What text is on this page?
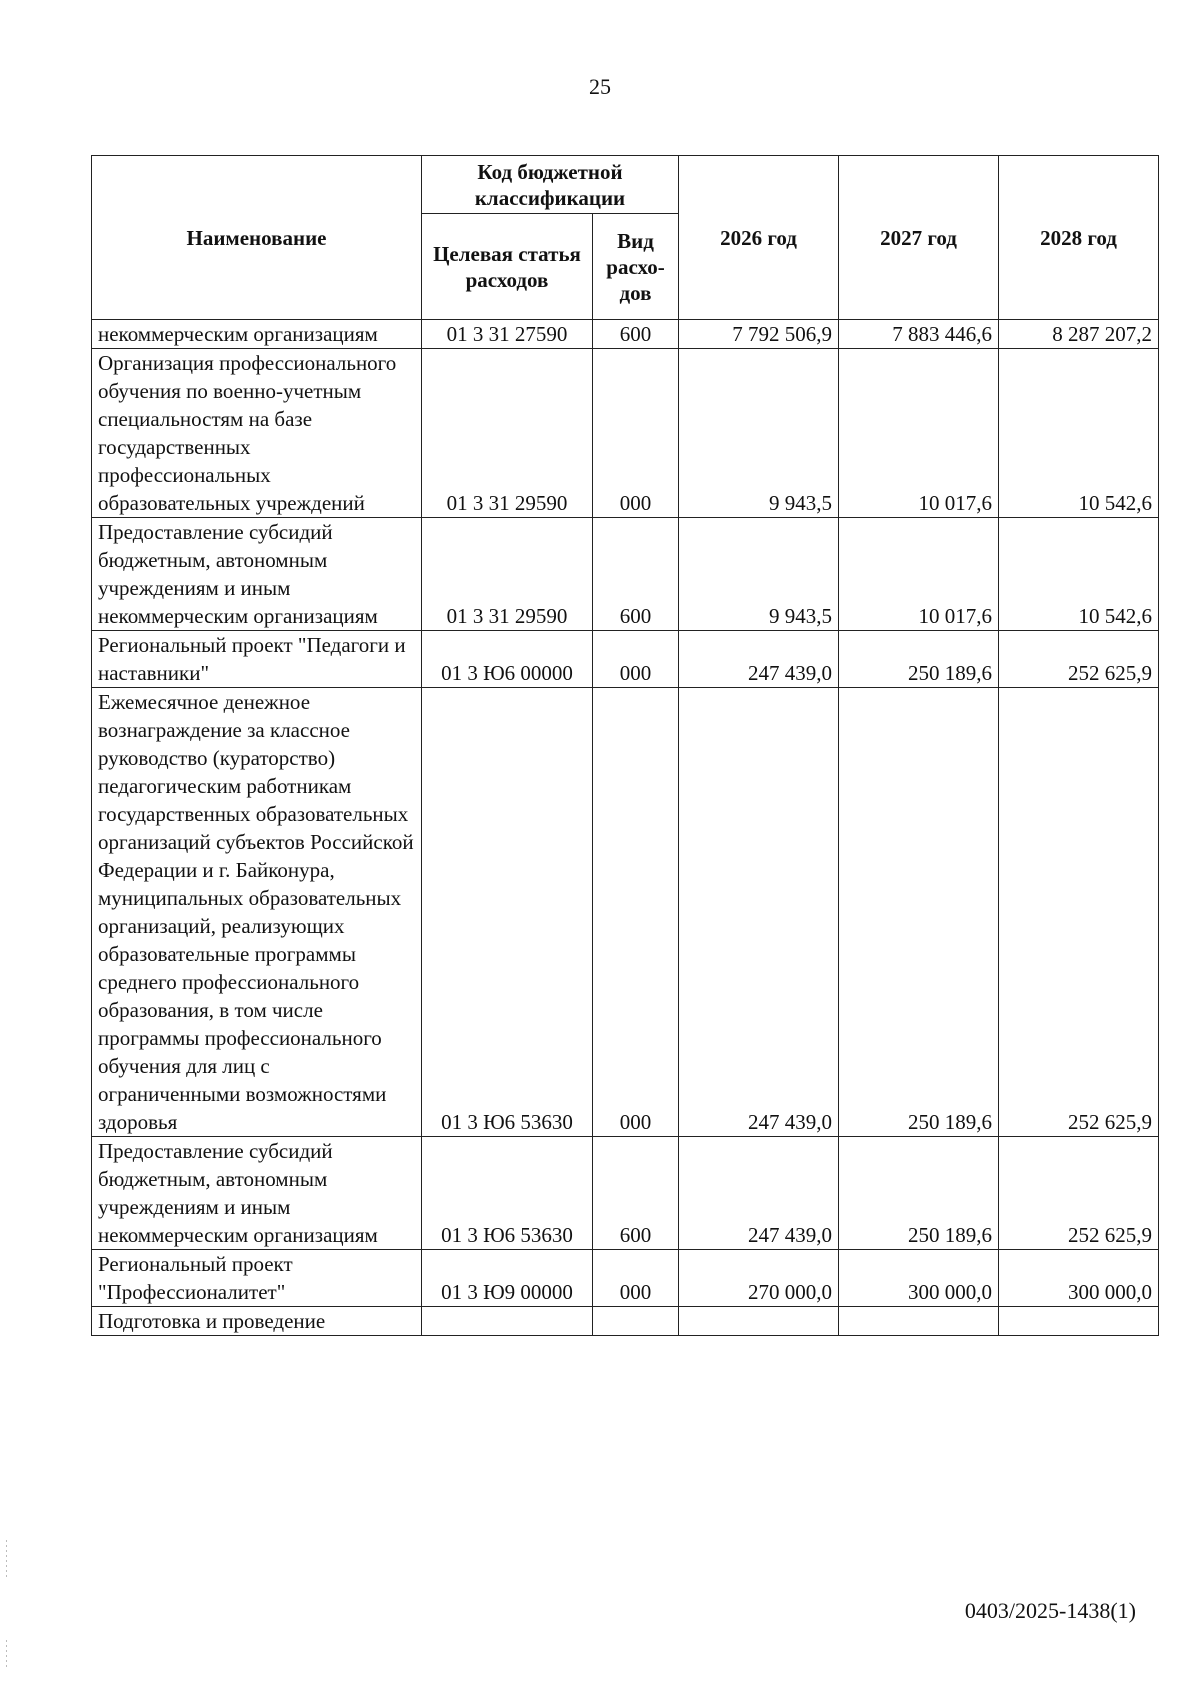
25
Наименование	Код бюджетной классификации		2026 год	2027 год	2028 год
	Целевая статья расходов	Вид расхо-дов			
некоммерческим организациям	01 3 31 27590	600	7 792 506,9	7 883 446,6	8 287 207,2
Организация профессионального обучения по военно-учетным специальностям на базе государственных профессиональных образовательных учреждений	01 3 31 29590	000	9 943,5	10 017,6	10 542,6
Предоставление субсидий бюджетным, автономным учреждениям и иным некоммерческим организациям	01 3 31 29590	600	9 943,5	10 017,6	10 542,6
Региональный проект "Педагоги и наставники"	01 3 Ю6 00000	000	247 439,0	250 189,6	252 625,9
Ежемесячное денежное вознаграждение за классное руководство (кураторство) педагогическим работникам государственных образовательных организаций субъектов Российской Федерации и г. Байконура, муниципальных образовательных организаций, реализующих образовательные программы среднего профессионального образования, в том числе программы профессионального обучения для лиц с ограниченными возможностями здоровья	01 3 Ю6 53630	000	247 439,0	250 189,6	252 625,9
Предоставление субсидий бюджетным, автономным учреждениям и иным некоммерческим организациям	01 3 Ю6 53630	600	247 439,0	250 189,6	252 625,9
Региональный проект "Профессионалитет"	01 3 Ю9 00000	000	270 000,0	300 000,0	300 000,0
Подготовка и проведение					
0403/2025-1438(1)
